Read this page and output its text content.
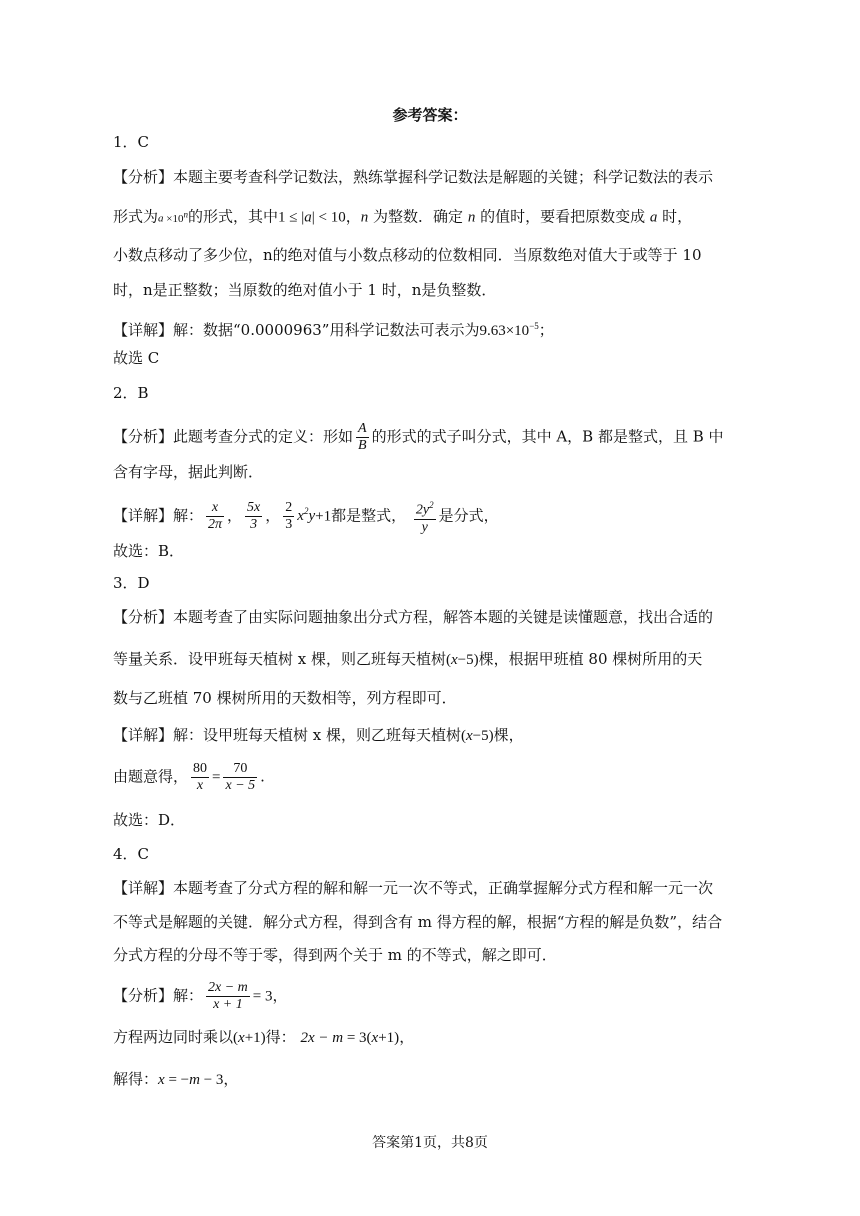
参考答案：
1．C
【分析】本题主要考查科学记数法，熟练掌握科学记数法是解题的关键；科学记数法的表示
形式为$a \times 10^n$的形式，其中1 ≤ |a| < 10，n 为整数．确定 n 的值时，要看把原数变成 a 时，
小数点移动了多少位，n的绝对值与小数点移动的位数相同．当原数绝对值大于或等于 10
时，n是正整数；当原数的绝对值小于 1 时，n是负整数．
【详解】解：数据“0.0000963”用科学记数法可表示为$9.63\times 10^{-5}$；
故选 C
2．B
【分析】此题考查分式的定义：形如 $\frac{A}{B}$ 的形式的式子叫分式，其中 A，B 都是整式，且 B 中
含有字母，据此判断．
【详解】解： $\frac{x}{2\pi}$ ， $\frac{5x}{3}$ ， $\frac{2}{3} x^2y+1$都是整式， $\frac{2y^2}{y}$ 是分式，
故选：B．
3．D
【分析】本题考查了由实际问题抽象出分式方程，解答本题的关键是读懂题意，找出合适的
等量关系．设甲班每天植树 x 棵，则乙班每天植树(x−5)棵，根据甲班植 80 棵树所用的天
数与乙班植 70 棵树所用的天数相等，列方程即可．
【详解】解：设甲班每天植树 x 棵，则乙班每天植树(x−5)棵，
由题意得， $\frac{80}{x} = \frac{70}{x - 5}$ .
故选：D．
4．C
【详解】本题考查了分式方程的解和解一元一次不等式，正确掌握解分式方程和解一元一次
不等式是解题的关键．解分式方程，得到含有 m 得方程的解，根据“方程的解是负数”，结合
分式方程的分母不等于零，得到两个关于 m 的不等式，解之即可．
【分析】解： $\frac{2x - m}{x + 1} = 3$，
方程两边同时乘以(x+1)得： 2x − m = 3(x+1)，
解得：x = −m − 3，
答案第1页，共8页
